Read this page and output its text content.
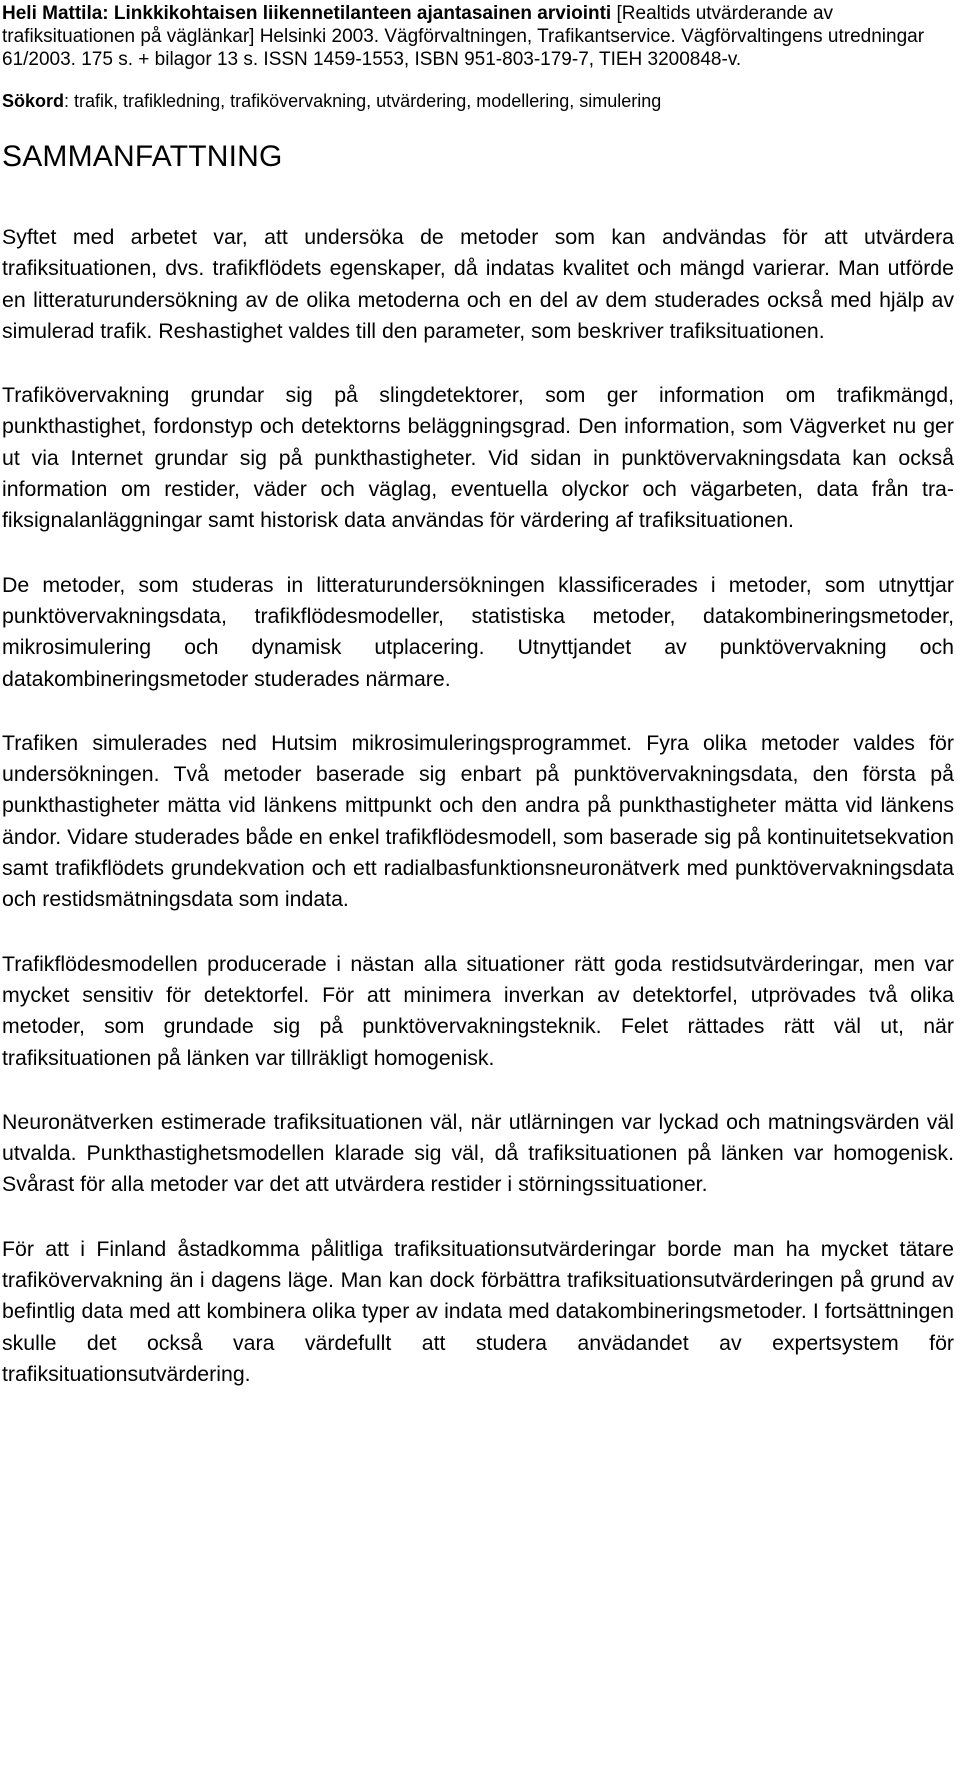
Heli Mattila: Linkkikohtaisen liikennetilanteen ajantasainen arviointi [Realtids utvärderande av trafiksituationen på väglänkar] Helsinki 2003. Vägförvaltningen, Trafikantservice. Vägförvaltingens utredningar 61/2003. 175 s. + bilagor 13 s. ISSN 1459-1553, ISBN 951-803-179-7, TIEH 3200848-v.

Sökord: trafik, trafikledning, trafikövervakning, utvärdering, modellering, simulering

SAMMANFATTNING

Syftet med arbetet var, att undersöka de metoder som kan andvändas för att utvärdera trafiksituationen, dvs. trafikflödets egenskaper, då indatas kvalitet och mängd varierar. Man utförde en litteraturundersökning av de olika metoderna och en del av dem studerades också med hjälp av simulerad trafik. Reshastighet valdes till den parameter, som beskriver trafiksituationen.

Trafikövervakning grundar sig på slingdetektorer, som ger information om trafikmängd, punkthastighet, fordonstyp och detektorns beläggningsgrad. Den information, som Vägverket nu ger ut via Internet grundar sig på punkthastigheter. Vid sidan in punktövervakningsdata kan också information om restider, väder och väglag, eventuella olyckor och vägarbeten, data från trafiksignalanläggningar samt historisk data användas för värdering af trafiksituationen.

De metoder, som studeras in litteraturundersökningen klassificerades i metoder, som utnyttjar punktövervakningsdata, trafikflödesmodeller, statistiska metoder, datakombineringsmetoder, mikrosimulering och dynamisk utplacering. Utnyttjandet av punktövervakning och datakombineringsmetoder studerades närmare.

Trafiken simulerades ned Hutsim mikrosimuleringsprogrammet. Fyra olika metoder valdes för undersökningen. Två metoder baserade sig enbart på punktövervakningsdata, den första på punkthastigheter mätta vid länkens mittpunkt och den andra på punkthastigheter mätta vid länkens ändor. Vidare studerades både en enkel trafikflödesmodell, som baserade sig på kontinuitetsekvation samt trafikflödets grundekvation och ett radialbasfunktionsneuronätverk med punktövervakningsdata och restidsmätningsdata som indata.

Trafikflödesmodellen producerade i nästan alla situationer rätt goda restidsutvärderingar, men var mycket sensitiv för detektorfel. För att minimera inverkan av detektorfel, utprövades två olika metoder, som grundade sig på punktövervakningsteknik. Felet rättades rätt väl ut, när trafiksituationen på länken var tillräkligt homogenisk.

Neuronätverken estimerade trafiksituationen väl, när utlärningen var lyckad och matningsvärden väl utvalda. Punkthastighetsmodellen klarade sig väl, då trafiksituationen på länken var homogenisk. Svårast för alla metoder var det att utvärdera restider i störningssituationer.

För att i Finland åstadkomma pålitliga trafiksituationsutvärderingar borde man ha mycket tätare trafikövervakning än i dagens läge. Man kan dock förbättra trafiksituationsutvärderingen på grund av befintlig data med att kombinera olika typer av indata med datakombineringsmetoder. I fortsättningen skulle det också vara värdefullt att studera anvädandet av expertsystem för trafiksituationsutvärdering.
